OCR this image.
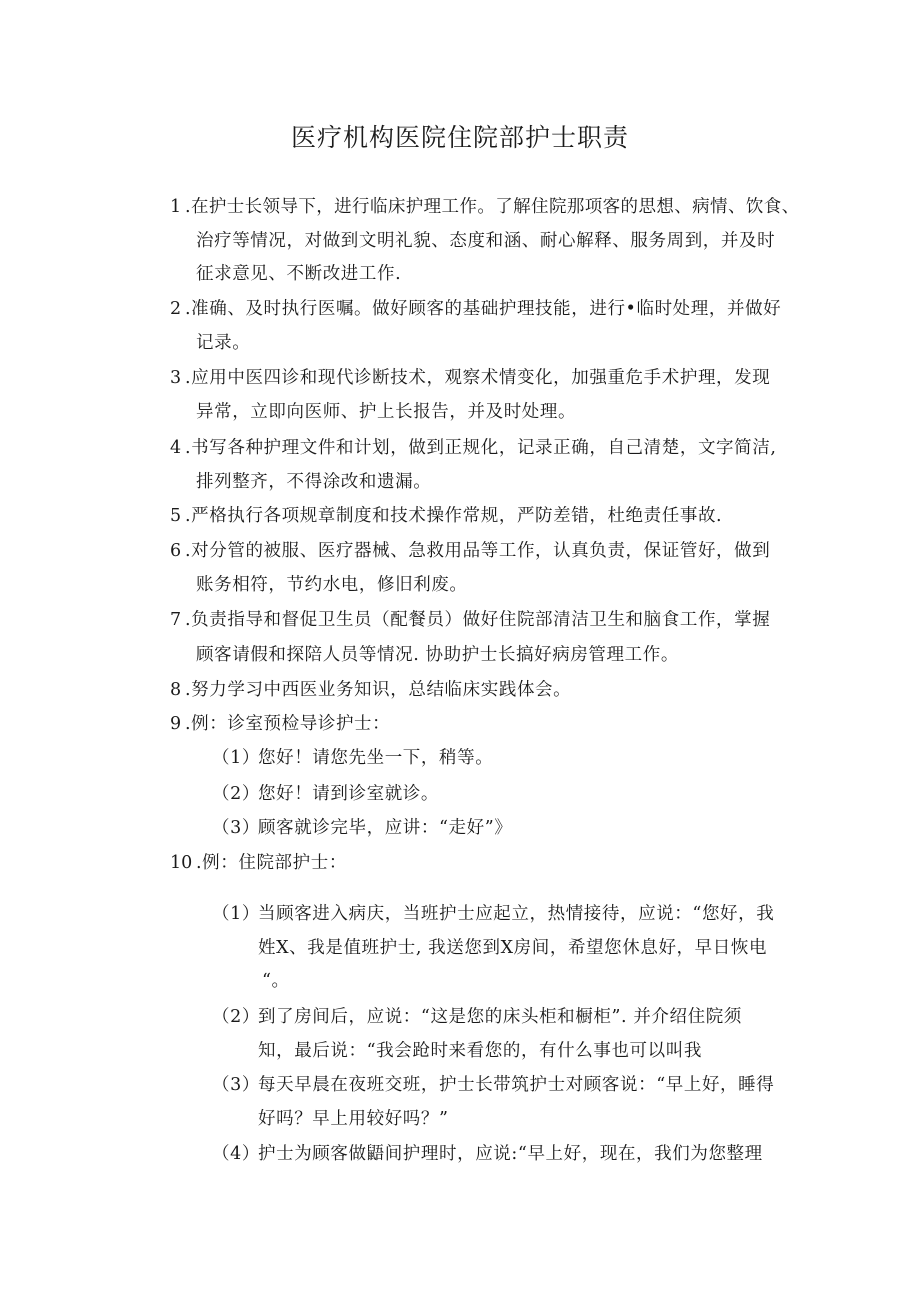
医疗机构医院住院部护士职责
1 .在护士长领导下，进行临床护理工作。了解住院那项客的思想、病情、饮食、
治疗等情况，对做到文明礼貌、态度和涵、耐心解释、服务周到，并及时
征求意见、不断改进工作.
2 .准确、及时执行医嘱。做好顾客的基础护理技能，进行•临时处理，并做好
记录。
3 .应用中医四诊和现代诊断技术，观察术情变化，加强重危手术护理，发现
异常，立即向医师、护上长报告，并及时处理。
4 .书写各种护理文件和计划，做到正规化，记录正确，自己清楚，文字简洁,
排列整齐，不得涂改和遗漏。
5 .严格执行各项规章制度和技术操作常规，严防差错，杜绝责任事故.
6 .对分管的被服、医疗器械、急救用品等工作，认真负责，保证管好，做到
账务相符，节约水电，修旧利废。
7 .负责指导和督促卫生员（配餐员）做好住院部清洁卫生和脑食工作，掌握
顾客请假和探陪人员等情况. 协助护士长搞好病房管理工作。
8 .努力学习中西医业务知识，总结临床实践体会。
9 .例：诊室预检导诊护士：
（1）
您好！请您先坐一下，稍等。
（2）
您好！请到诊室就诊。
（3）
顾客就诊完毕，应讲：“走好”》
10 .例：住院部护士：
（1）
当顾客进入病庆，当班护士应起立，热情接待，应说：“您好，我
姓X、我是值班护士, 我送您到X房间，希望您休息好，早日恢电
“。
（2）
到了房间后，应说：“这是您的床头柜和橱柜”. 并介绍住院须
知，最后说：“我会跄时来看您的，有什么事也可以叫我
（3）
每天早晨在夜班交班，护士长带筑护士对顾客说：“早上好，睡得
好吗？早上用较好吗？”
（4）
护士为顾客做鼯间护理时，应说:“早上好，现在，我们为您整理
